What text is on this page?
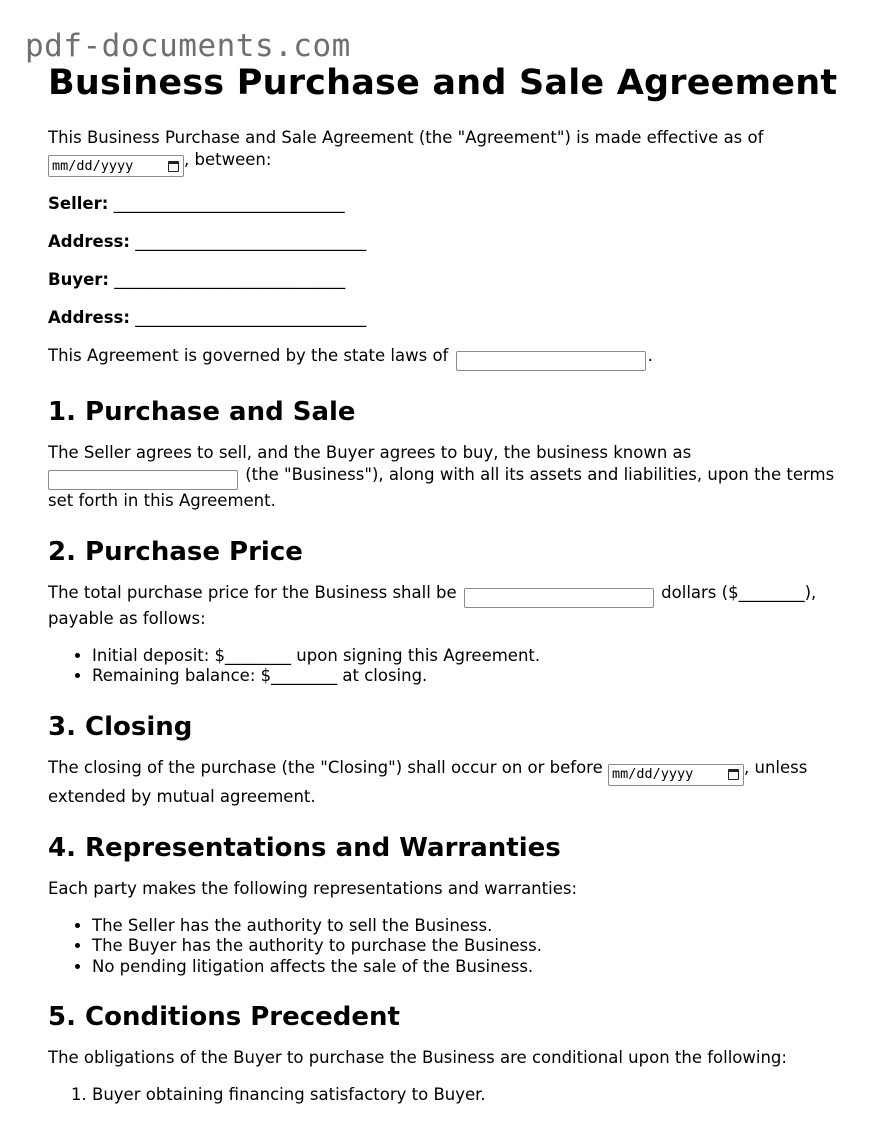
pdf-documents.com
Business Purchase and Sale Agreement

This Business Purchase and Sale Agreement (the "Agreement") is made effective as of

mm/dd/yyyy	, between:

Seller: ____________________________

Address: ____________________________

Buyer: ____________________________

Address: ____________________________

This Agreement is governed by the state laws of	.

1. Purchase and Sale

The Seller agrees to sell, and the Buyer agrees to buy, the business known as
(the "Business"), along with all its assets and liabilities, upon the terms set forth in this Agreement.

2. Purchase Price

The total purchase price for the Business shall be	dollars ($________), payable as follows:

• Initial deposit: $________ upon signing this Agreement.
• Remaining balance: $________ at closing.
3. Closing

The closing of the purchase (the "Closing") shall occur on or before mm/dd/yyyy	, unless extended by mutual agreement.

4. Representations and Warranties

Each party makes the following representations and warranties:

• The Seller has the authority to sell the Business.
• The Buyer has the authority to purchase the Business.
• No pending litigation affects the sale of the Business.
5. Conditions Precedent

The obligations of the Buyer to purchase the Business are conditional upon the following:

1. Buyer obtaining financing satisfactory to Buyer.
